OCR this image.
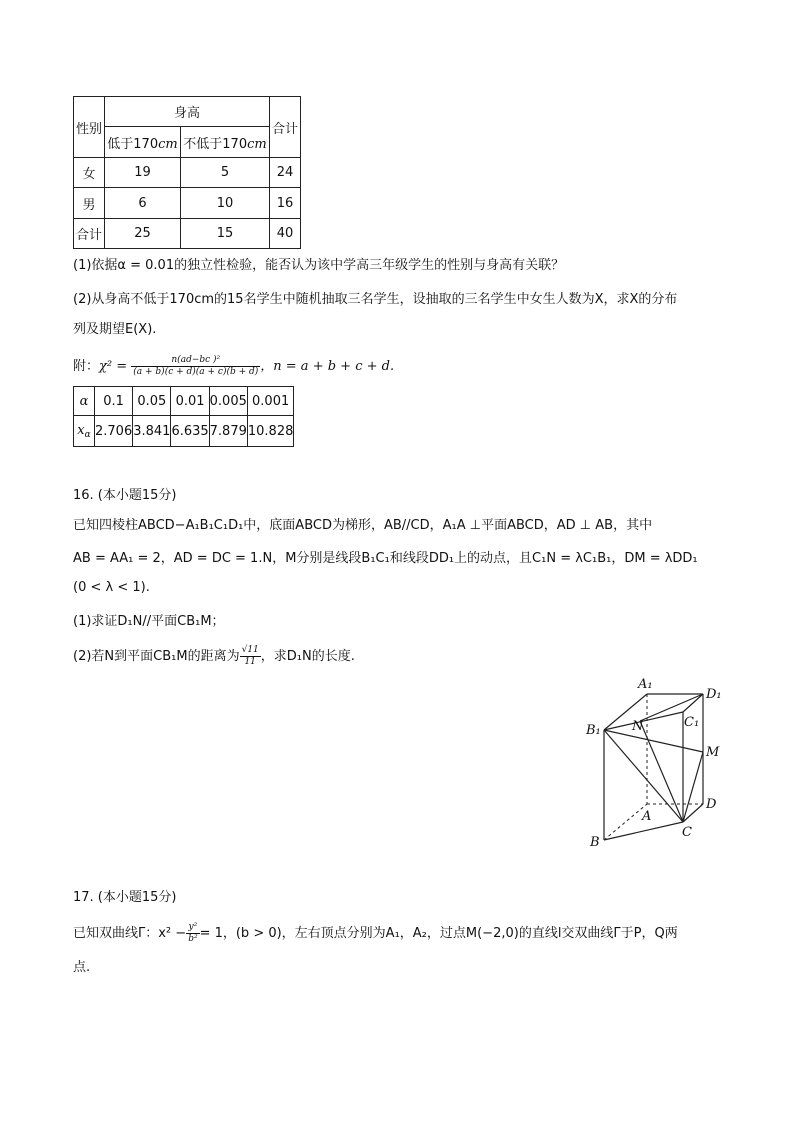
性别	身高		合计
	低于170cm	不低于170cm	
女	19	5	24
男	6	10	16
合计	25	15	40
(1)依据α = 0.01的独立性检验，能否认为该中学高三年级学生的性别与身高有关联？
(2)从身高不低于170cm的15名学生中随机抽取三名学生，设抽取的三名学生中女生人数为X，求X的分布
列及期望E(X).
附：$\chi^2 = \frac{\text{n(ad−bc )²}}{(a + b)(c + d)(a + c)(b + d)}$ ，n = a + b + c + d.
α	0.1	0.05	0.01	0.005	0.001
$x_\alpha$	2.706	3.841	6.635	7.879	10.828
16. (本小题15分)
已知四棱柱ABCD−A₁B₁C₁D₁中，底面ABCD为梯形，AB//CD，A₁A ⊥平面ABCD，AD ⊥ AB，其中
AB = AA₁ = 2，AD = DC = 1.N，M分别是线段B₁C₁和线段DD₁上的动点，且C₁N = λC₁B₁，DM = λDD₁
(0 < λ < 1).
(1)求证D₁N//平面CB₁M；
(2)若N到平面CB₁M的距离为 $\frac{√11}{11}$ ，求D₁N的长度.
A₁
D₁
N	C₁
B₁
M
D
A
C
B
17. (本小题15分)
已知双曲线Γ：$x^2 - \frac{\text{y²}}{\text{b²}} = 1$，(b > 0)，左右顶点分别为A₁，A₂，过点M(−2,0)的直线l交双曲线Γ于P，Q两
点.
